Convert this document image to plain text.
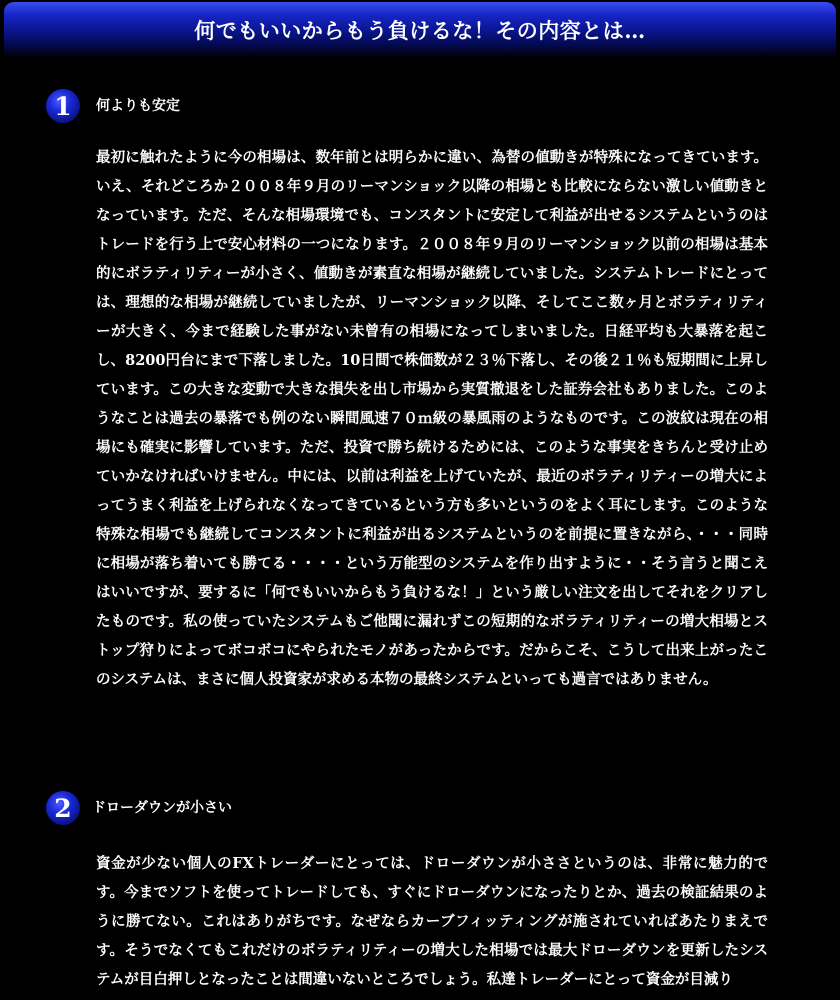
何でもいいからもう負けるな！その内容とは…
1	何よりも安定
最初に触れたように今の相場は、数年前とは明らかに違い、為替の値動きが特殊になってきています。いえ、それどころか２００８年９月のリーマンショック以降の相場とも比較にならない激しい値動きとなっています。ただ、そんな相場環境でも、コンスタントに安定して利益が出せるシステムというのはトレードを行う上で安心材料の一つになります。２００８年９月のリーマンショック以前の相場は基本的にボラティリティーが小さく、値動きが素直な相場が継続していました。システムトレードにとっては、理想的な相場が継続していましたが、リーマンショック以降、そしてここ数ヶ月とボラティリティーが大きく、今まで経験した事がない未曾有の相場になってしまいました。日経平均も大暴落を起こし、8200円台にまで下落しました。10日間で株価数が２３％下落し、その後２１％も短期間に上昇しています。この大きな変動で大きな損失を出し市場から実質撤退をした証券会社もありました。このようなことは過去の暴落でも例のない瞬間風速７０ｍ級の暴風雨のようなものです。この波紋は現在の相場にも確実に影響しています。ただ、投資で勝ち続けるためには、このような事実をきちんと受け止めていかなければいけません。中には、以前は利益を上げていたが、最近のボラティリティーの増大によってうまく利益を上げられなくなってきているという方も多いというのをよく耳にします。このような特殊な相場でも継続してコンスタントに利益が出るシステムというのを前提に置きながら、・・・同時に相場が落ち着いても勝てる・・・・という万能型のシステムを作り出すように・・そう言うと聞こえはいいですが、要するに「何でもいいからもう負けるな！」という厳しい注文を出してそれをクリアしたものです。私の使っていたシステムもご他聞に漏れずこの短期的なボラティリティーの増大相場とストップ狩りによってボコボコにやられたモノがあったからです。だからこそ、こうして出来上がったこのシステムは、まさに個人投資家が求める本物の最終システムといっても過言ではありません。
2	ドローダウンが小さい
資金が少ない個人のFXトレーダーにとっては、ドローダウンが小ささというのは、非常に魅力的です。今までソフトを使ってトレードしても、すぐにドローダウンになったりとか、過去の検証結果のように勝てない。これはありがちです。なぜならカーブフィッティングが施されていればあたりまえです。そうでなくてもこれだけのボラティリティーの増大した相場では最大ドローダウンを更新したシステムが目白押しとなったことは間違いないところでしょう。私達トレーダーにとって資金が目減り
